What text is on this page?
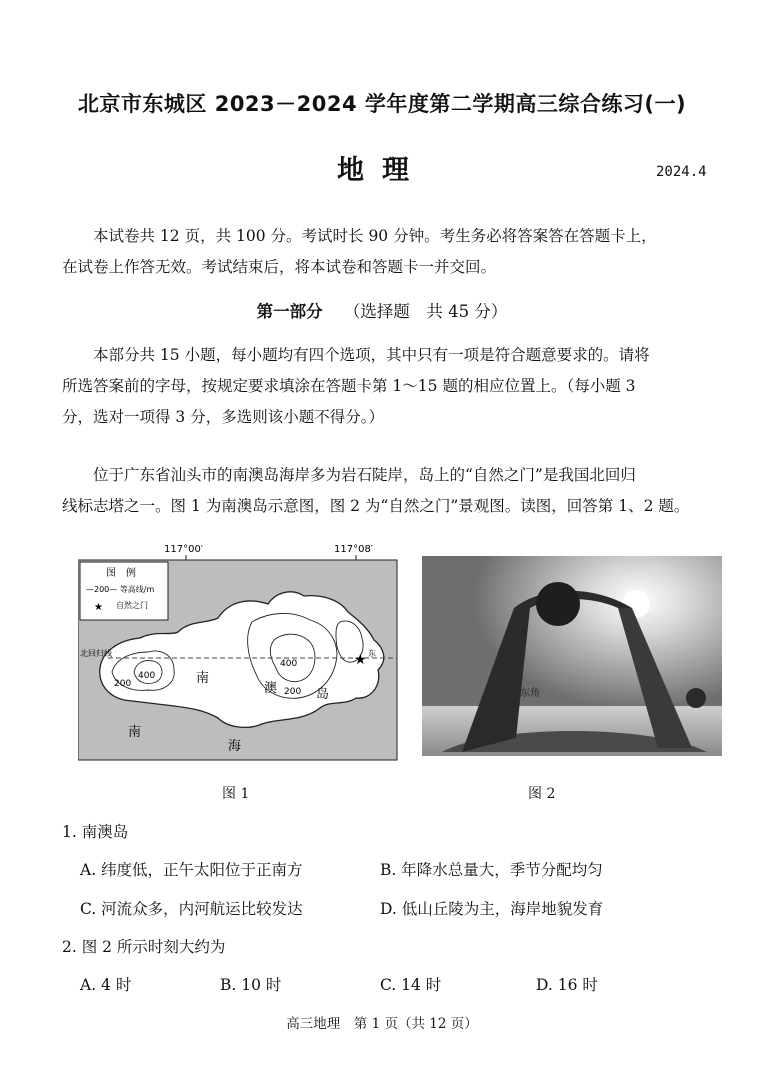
北京市东城区 2023－2024 学年度第二学期高三综合练习(一)
地理	2024.4
本试卷共 12 页，共 100 分。考试时长 90 分钟。考生务必将答案答在答题卡上，
在试卷上作答无效。考试结束后，将本试卷和答题卡一并交回。
第一部分 （选择题　共 45 分）
本部分共 15 小题，每小题均有四个选项，其中只有一项是符合题意要求的。请将
所选答案前的字母，按规定要求填涂在答题卡第 1～15 题的相应位置上。（每小题 3
分，选对一项得 3 分，多选则该小题不得分。）
位于广东省汕头市的南澳岛海岸多为岩石陡岸，岛上的“自然之门”是我国北回归
线标志塔之一。图 1 为南澳岛示意图，图 2 为“自然之门”景观图。读图，回答第 1、2 题。
117°00′	117°08′
200
400
400
200
北回归线	★ 东
南
澳	岛
南
海
图　例
—200— 等高线/m
★ 自然之门
东角
图 1	图 2
1. 南澳岛
A. 纬度低，正午太阳位于正南方	B. 年降水总量大，季节分配均匀
C. 河流众多，内河航运比较发达	D. 低山丘陵为主，海岸地貌发育
2. 图 2 所示时刻大约为
A. 4 时	B. 10 时	C. 14 时	D. 16 时
高三地理　第 1 页（共 12 页）
